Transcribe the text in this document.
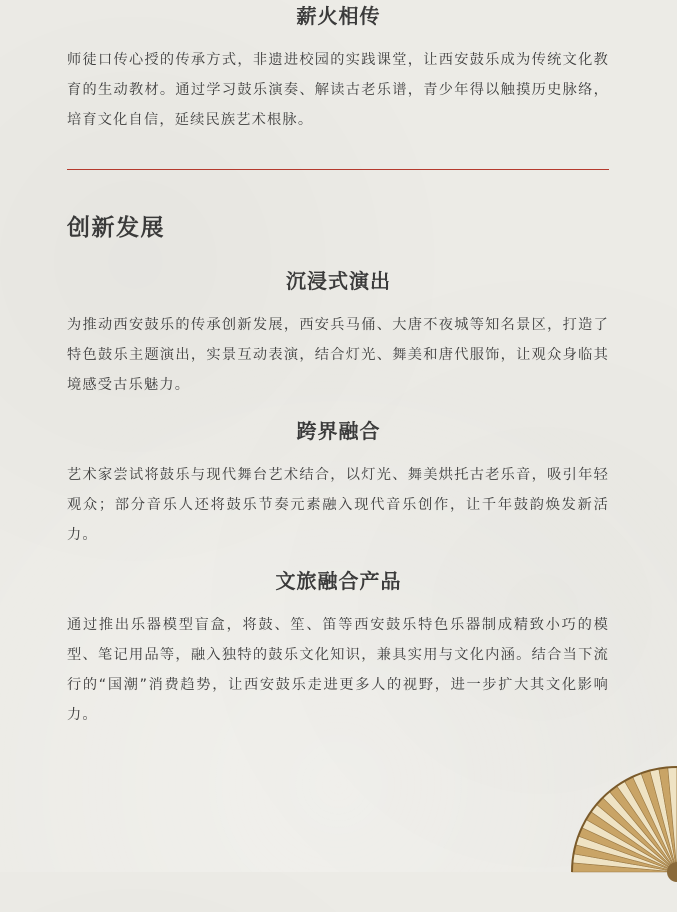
薪火相传
师徒口传心授的传承方式，非遗进校园的实践课堂，让西安鼓乐成为传统文化教育的生动教材。通过学习鼓乐演奏、解读古老乐谱，青少年得以触摸历史脉络，培育文化自信，延续民族艺术根脉。
创新发展
沉浸式演出
为推动西安鼓乐的传承创新发展，西安兵马俑、大唐不夜城等知名景区，打造了特色鼓乐主题演出，实景互动表演，结合灯光、舞美和唐代服饰，让观众身临其境感受古乐魅力。
跨界融合
艺术家尝试将鼓乐与现代舞台艺术结合，以灯光、舞美烘托古老乐音，吸引年轻观众；部分音乐人还将鼓乐节奏元素融入现代音乐创作，让千年鼓韵焕发新活力。
文旅融合产品
通过推出乐器模型盲盒，将鼓、笙、笛等西安鼓乐特色乐器制成精致小巧的模型、笔记用品等，融入独特的鼓乐文化知识，兼具实用与文化内涵。结合当下流行的“国潮”消费趋势，让西安鼓乐走进更多人的视野，进一步扩大其文化影响力。
